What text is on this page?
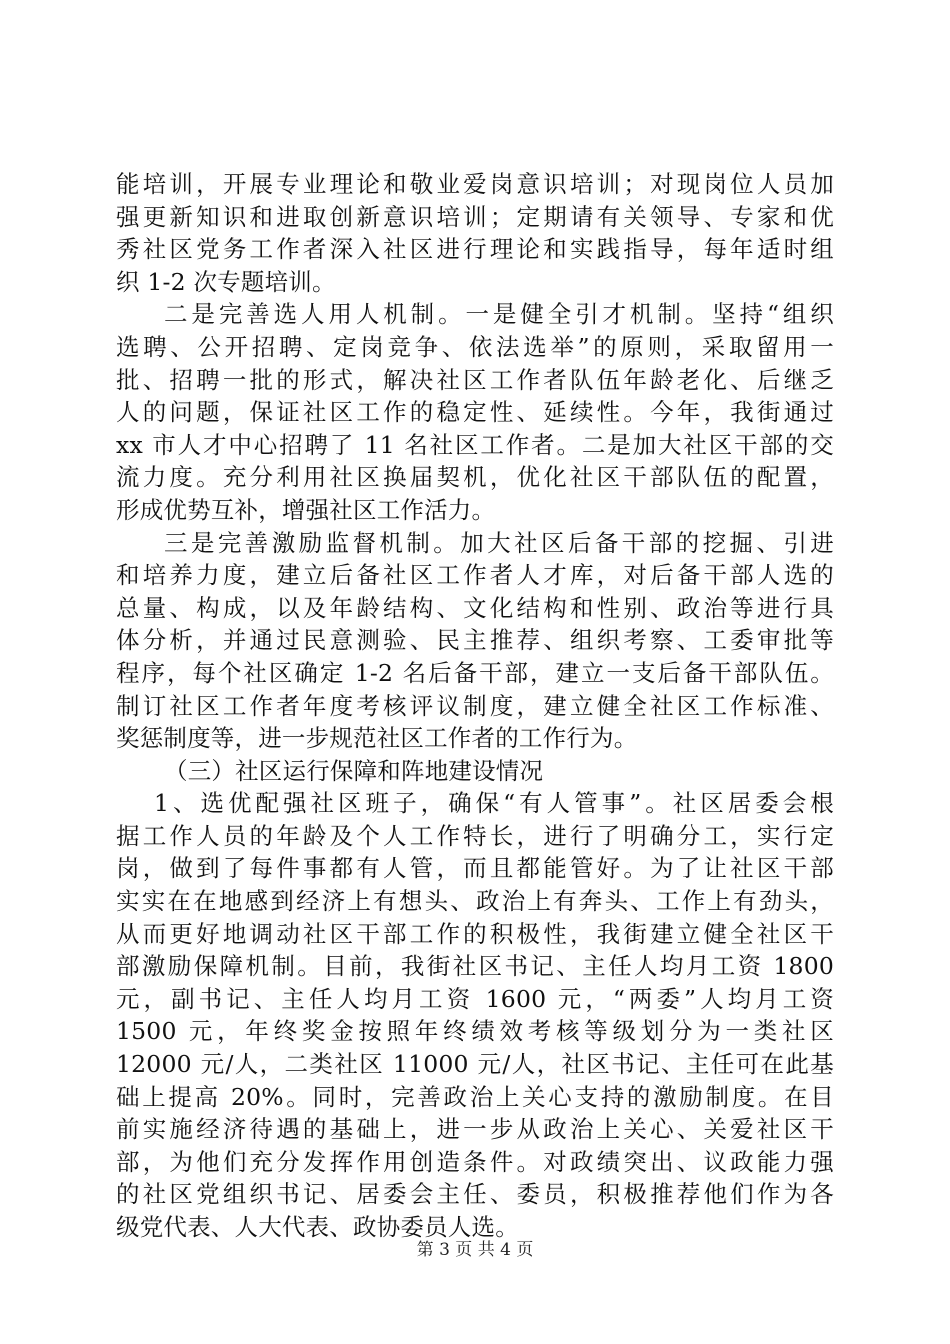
能培训，开展专业理论和敬业爱岗意识培训；对现岗位人员加
强更新知识和进取创新意识培训；定期请有关领导、专家和优
秀社区党务工作者深入社区进行理论和实践指导，每年适时组
织 1-2 次专题培训。
二是完善选人用人机制。一是健全引才机制。坚持“组织
选聘、公开招聘、定岗竞争、依法选举”的原则，采取留用一
批、招聘一批的形式，解决社区工作者队伍年龄老化、后继乏
人的问题，保证社区工作的稳定性、延续性。今年，我街通过
xx 市人才中心招聘了 11 名社区工作者。二是加大社区干部的交
流力度。充分利用社区换届契机，优化社区干部队伍的配置，
形成优势互补，增强社区工作活力。
三是完善激励监督机制。加大社区后备干部的挖掘、引进
和培养力度，建立后备社区工作者人才库，对后备干部人选的
总量、构成，以及年龄结构、文化结构和性别、政治等进行具
体分析，并通过民意测验、民主推荐、组织考察、工委审批等
程序，每个社区确定 1-2 名后备干部，建立一支后备干部队伍。
制订社区工作者年度考核评议制度，建立健全社区工作标准、
奖惩制度等，进一步规范社区工作者的工作行为。
（三）社区运行保障和阵地建设情况
1、选优配强社区班子，确保“有人管事”。社区居委会根
据工作人员的年龄及个人工作特长，进行了明确分工，实行定
岗，做到了每件事都有人管，而且都能管好。为了让社区干部
实实在在地感到经济上有想头、政治上有奔头、工作上有劲头，
从而更好地调动社区干部工作的积极性，我街建立健全社区干
部激励保障机制。目前，我街社区书记、主任人均月工资 1800
元，副书记、主任人均月工资 1600 元，“两委”人均月工资
1500 元，年终奖金按照年终绩效考核等级划分为一类社区
12000 元/人，二类社区 11000 元/人，社区书记、主任可在此基
础上提高 20%。同时，完善政治上关心支持的激励制度。在目
前实施经济待遇的基础上，进一步从政治上关心、关爱社区干
部，为他们充分发挥作用创造条件。对政绩突出、议政能力强
的社区党组织书记、居委会主任、委员，积极推荐他们作为各
级党代表、人大代表、政协委员人选。
第 3 页 共 4 页
